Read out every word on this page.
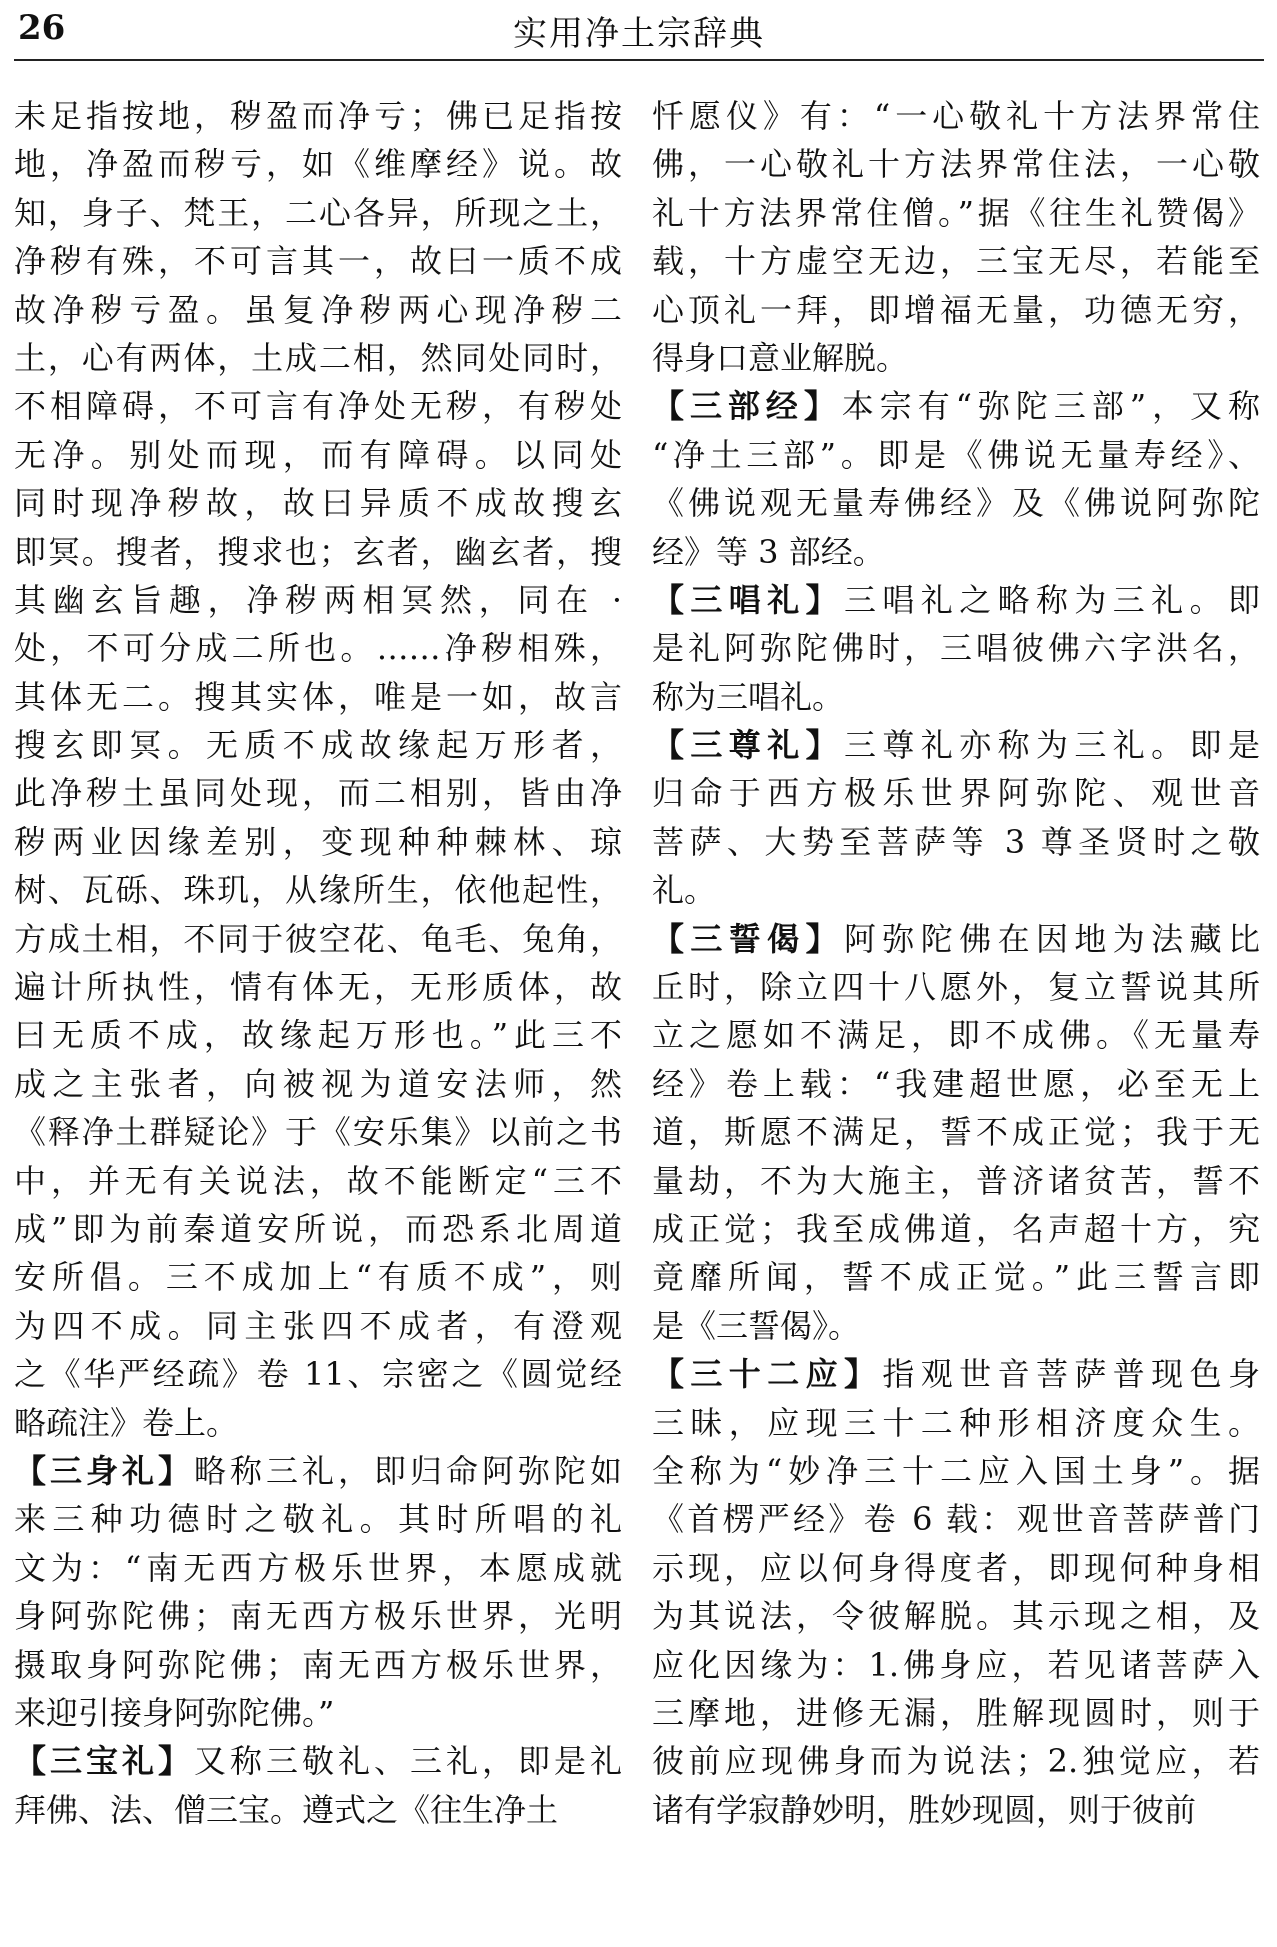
26	实用净土宗辞典
未足指按地，秽盈而净亏；佛已足指按
地，净盈而秽亏，如《维摩经》说。故
知，身子、梵王，二心各异，所现之土，
净秽有殊，不可言其一，故曰一质不成
故净秽亏盈。虽复净秽两心现净秽二
土，心有两体，土成二相，然同处同时，
不相障碍，不可言有净处无秽，有秽处
无净。别处而现，而有障碍。以同处
同时现净秽故，故曰异质不成故搜玄
即冥。搜者，搜求也；玄者，幽玄者，搜
其幽玄旨趣，净秽两相冥然，同在 ·
处，不可分成二所也。……净秽相殊，
其体无二。搜其实体，唯是一如，故言
搜玄即冥。无质不成故缘起万形者，
此净秽土虽同处现，而二相别，皆由净
秽两业因缘差别，变现种种棘林、琼
树、瓦砾、珠玑，从缘所生，依他起性，
方成土相，不同于彼空花、龟毛、兔角，
遍计所执性，情有体无，无形质体，故
曰无质不成，故缘起万形也。”此三不
成之主张者，向被视为道安法师，然
《释净土群疑论》于《安乐集》以前之书
中，并无有关说法，故不能断定“三不
成”即为前秦道安所说，而恐系北周道
安所倡。三不成加上“有质不成”，则
为四不成。同主张四不成者，有澄观
之《华严经疏》卷 11、宗密之《圆觉经
略疏注》卷上。
【三身礼】略称三礼，即归命阿弥陀如
来三种功德时之敬礼。其时所唱的礼
文为：“南无西方极乐世界，本愿成就
身阿弥陀佛；南无西方极乐世界，光明
摄取身阿弥陀佛；南无西方极乐世界，
来迎引接身阿弥陀佛。”
【三宝礼】又称三敬礼、三礼，即是礼
拜佛、法、僧三宝。遵式之《往生净土
忏愿仪》有：“一心敬礼十方法界常住
佛，一心敬礼十方法界常住法，一心敬
礼十方法界常住僧。”据《往生礼赞偈》
载，十方虚空无边，三宝无尽，若能至
心顶礼一拜，即增福无量，功德无穷，
得身口意业解脱。
【三部经】本宗有“弥陀三部”，又称
“净土三部”。即是《佛说无量寿经》、
《佛说观无量寿佛经》及《佛说阿弥陀
经》等 3 部经。
【三唱礼】三唱礼之略称为三礼。即
是礼阿弥陀佛时，三唱彼佛六字洪名，
称为三唱礼。
【三尊礼】三尊礼亦称为三礼。即是
归命于西方极乐世界阿弥陀、观世音
菩萨、大势至菩萨等 3 尊圣贤时之敬
礼。
【三誓偈】阿弥陀佛在因地为法藏比
丘时，除立四十八愿外，复立誓说其所
立之愿如不满足，即不成佛。《无量寿
经》卷上载：“我建超世愿，必至无上
道，斯愿不满足，誓不成正觉；我于无
量劫，不为大施主，普济诸贫苦，誓不
成正觉；我至成佛道，名声超十方，究
竟靡所闻，誓不成正觉。”此三誓言即
是《三誓偈》。
【三十二应】指观世音菩萨普现色身
三昧，应现三十二种形相济度众生。
全称为“妙净三十二应入国土身”。据
《首楞严经》卷 6 载：观世音菩萨普门
示现，应以何身得度者，即现何种身相
为其说法，令彼解脱。其示现之相，及
应化因缘为：1.佛身应，若见诸菩萨入
三摩地，进修无漏，胜解现圆时，则于
彼前应现佛身而为说法；2.独觉应，若
诸有学寂静妙明，胜妙现圆，则于彼前
